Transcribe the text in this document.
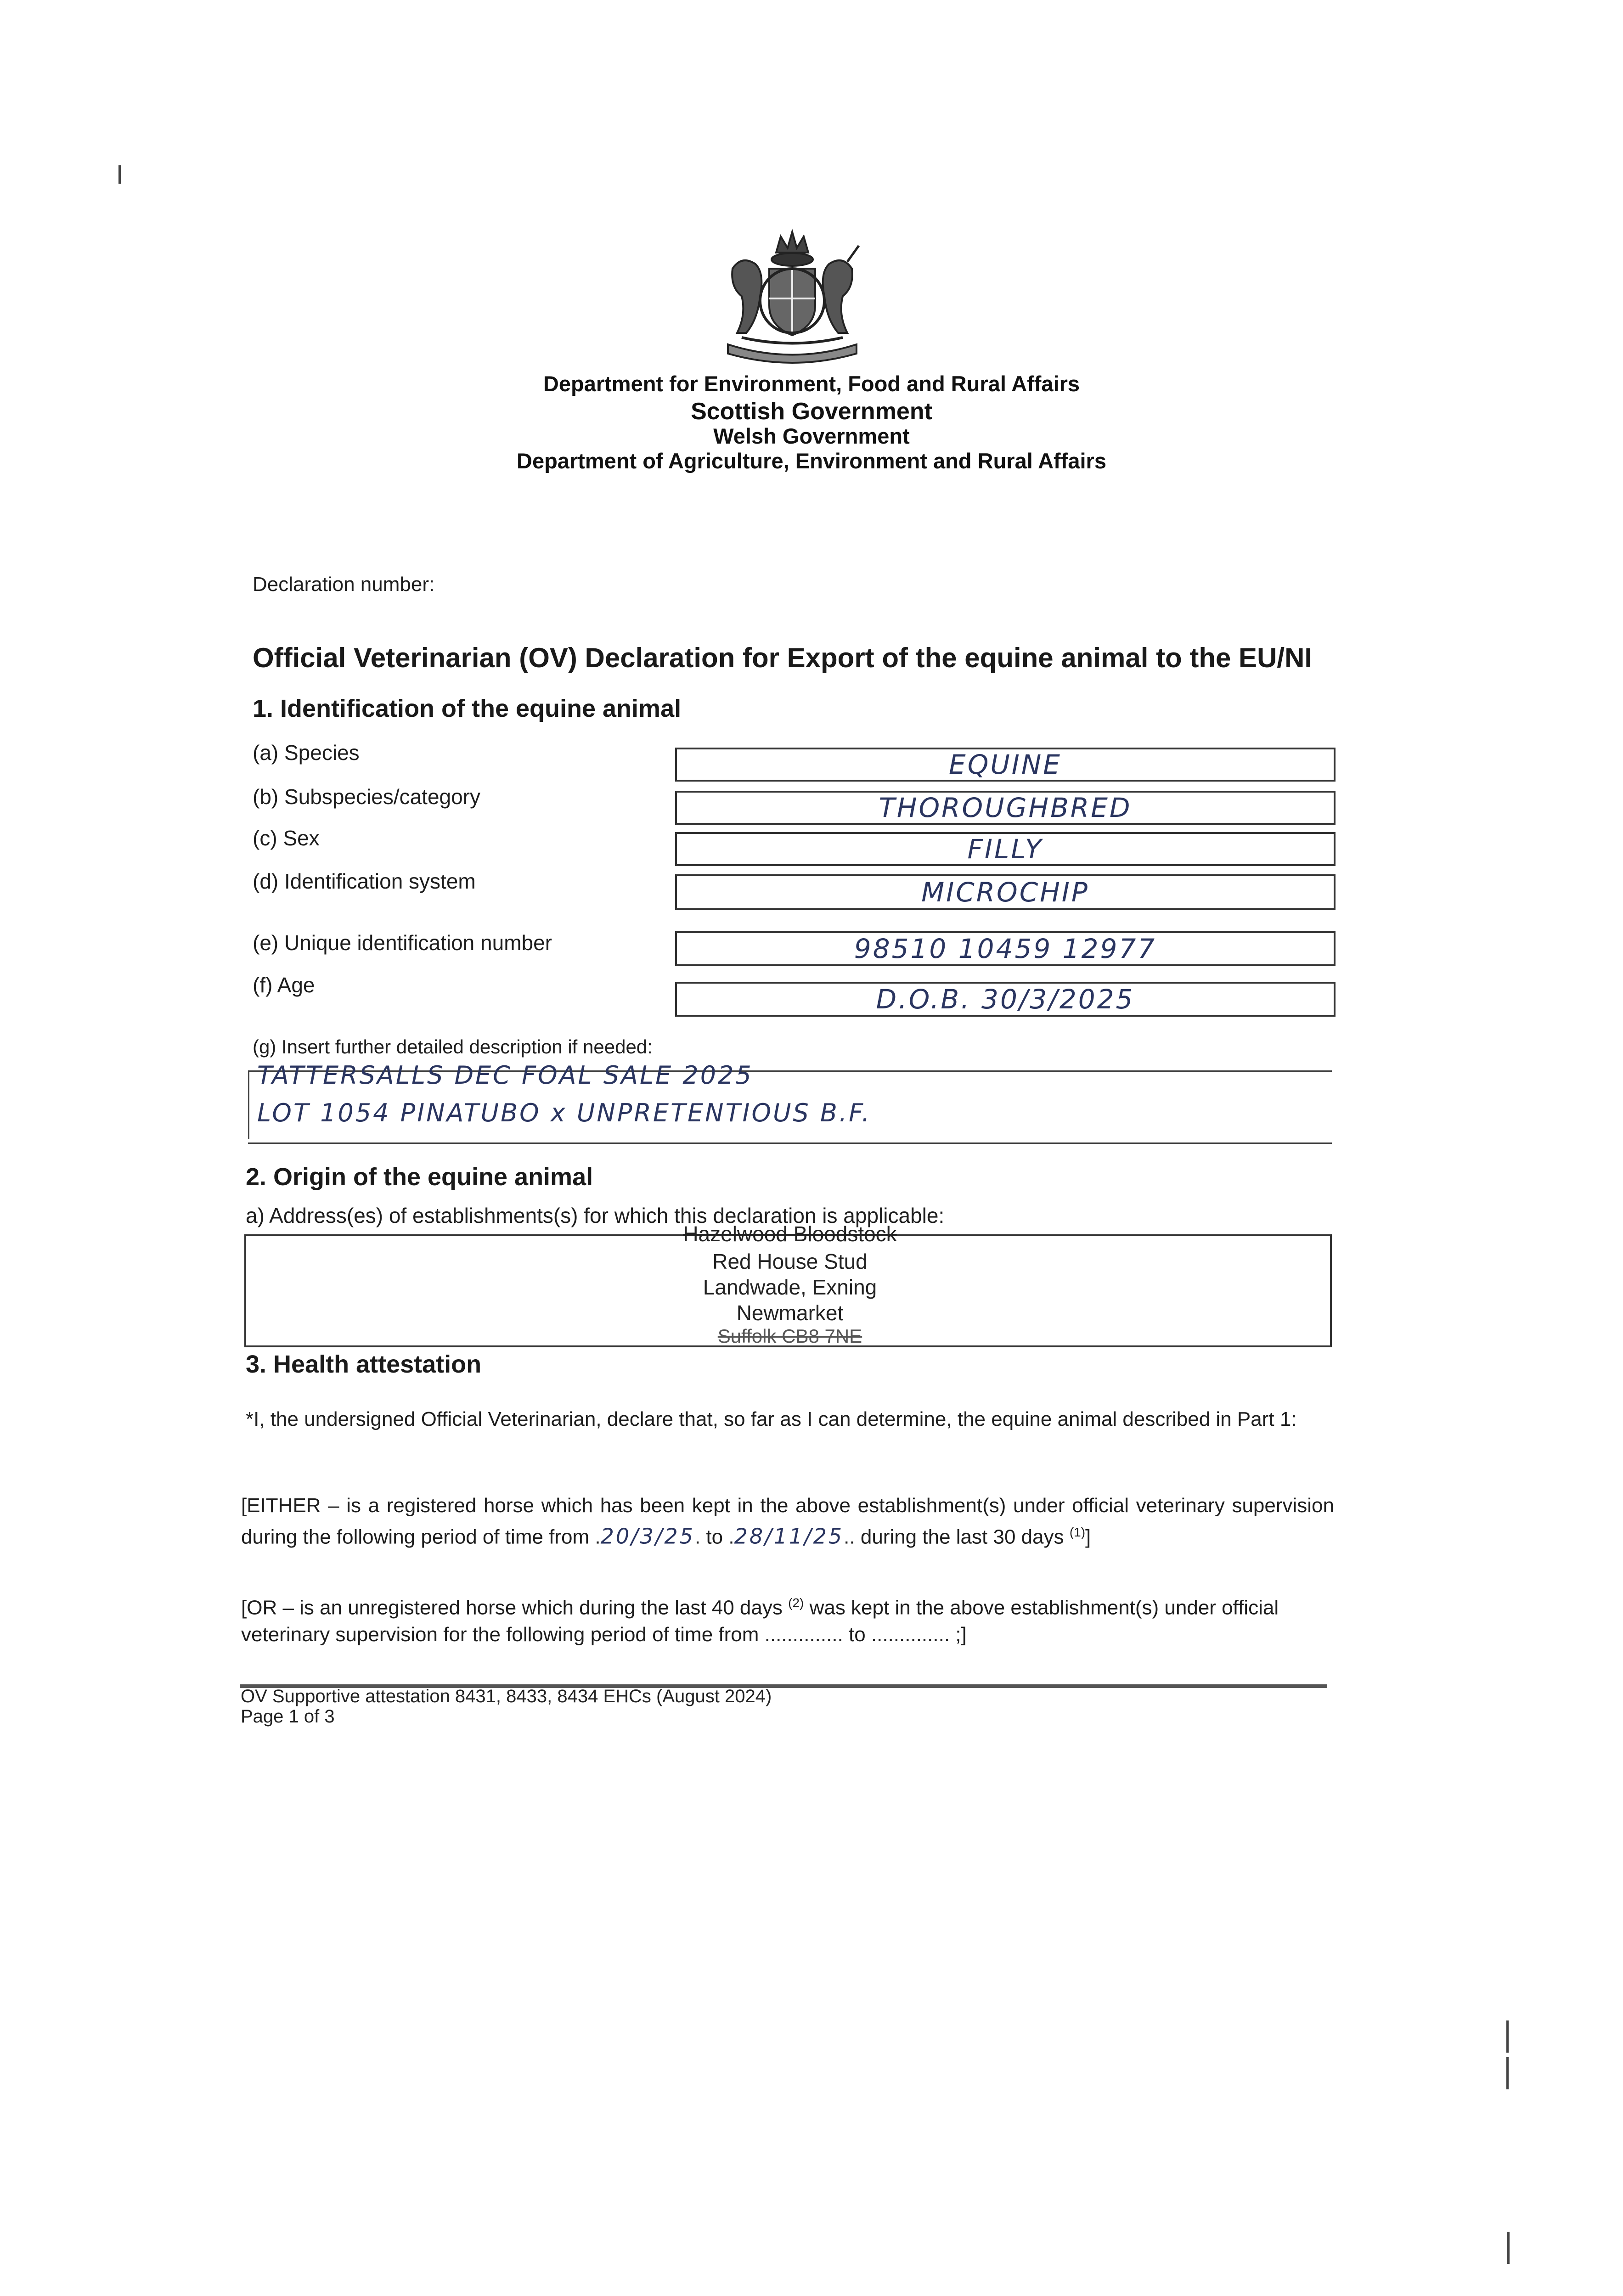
Department for Environment, Food and Rural Affairs
Scottish Government
Welsh Government
Department of Agriculture, Environment and Rural Affairs
Declaration number:
Official Veterinarian (OV) Declaration for Export of the equine animal to the EU/NI
1. Identification of the equine animal
(a) Species	EQUINE
(b) Subspecies/category	THOROUGHBRED
(c) Sex	FILLY
(d) Identification system	MICROCHIP
(e) Unique identification number	98510 10459 12977
(f) Age	D.O.B. 30/3/2025
(g) Insert further detailed description if needed:
TATTERSALLS DEC FOAL SALE 2025
LOT 1054 PINATUBO x UNPRETENTIOUS B.F.
2. Origin of the equine animal
a) Address(es) of establishments(s) for which this declaration is applicable:
Hazelwood Bloodstock
Red House Stud
Landwade, Exning
Newmarket
Suffolk CB8 7NE
3. Health attestation
*I, the undersigned Official Veterinarian, declare that, so far as I can determine, the equine animal described in Part 1:
[EITHER – is a registered horse which has been kept in the above establishment(s) under official veterinary supervision during the following period of time from .20/3/25. to .28/11/25.. during the last 30 days $^{(1)}$]
[OR – is an unregistered horse which during the last 40 days $^{(2)}$ was kept in the above establishment(s) under official veterinary supervision for the following period of time from .............. to .............. ;]
OV Supportive attestation 8431, 8433, 8434 EHCs (August 2024)
Page 1 of 3
